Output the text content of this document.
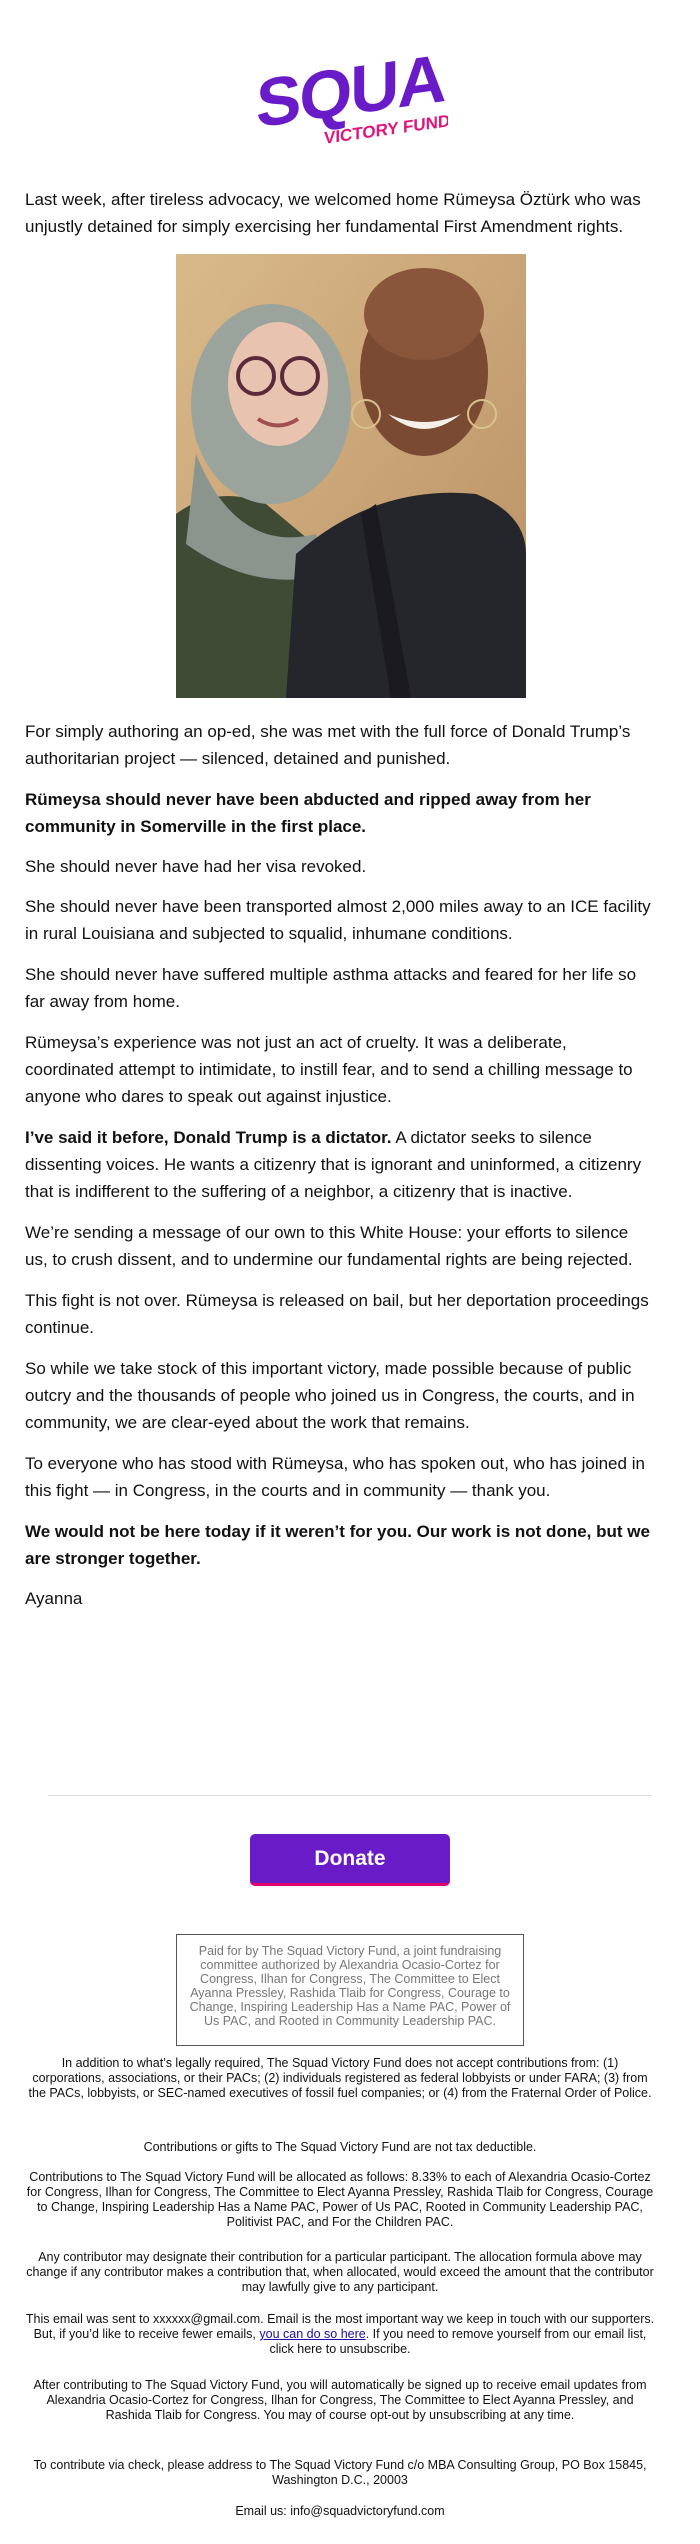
SQUAD
VICTORY FUND

Last week, after tireless advocacy, we welcomed home Rümeysa Öztürk who was unjustly detained for simply exercising her fundamental First Amendment rights.

For simply authoring an op-ed, she was met with the full force of Donald Trump’s authoritarian project — silenced, detained and punished.

Rümeysa should never have been abducted and ripped away from her community in Somerville in the first place.

She should never have had her visa revoked.

She should never have been transported almost 2,000 miles away to an ICE facility in rural Louisiana and subjected to squalid, inhumane conditions.

She should never have suffered multiple asthma attacks and feared for her life so far away from home.

Rümeysa’s experience was not just an act of cruelty. It was a deliberate, coordinated attempt to intimidate, to instill fear, and to send a chilling message to anyone who dares to speak out against injustice.

I’ve said it before, Donald Trump is a dictator. A dictator seeks to silence dissenting voices. He wants a citizenry that is ignorant and uninformed, a citizenry that is indifferent to the suffering of a neighbor, a citizenry that is inactive.

We’re sending a message of our own to this White House: your efforts to silence us, to crush dissent, and to undermine our fundamental rights are being rejected.

This fight is not over. Rümeysa is released on bail, but her deportation proceedings continue.

So while we take stock of this important victory, made possible because of public outcry and the thousands of people who joined us in Congress, the courts, and in community, we are clear-eyed about the work that remains.

To everyone who has stood with Rümeysa, who has spoken out, who has joined in this fight — in Congress, in the courts and in community — thank you.

We would not be here today if it weren’t for you. Our work is not done, but we are stronger together.

Ayanna

Donate
Paid for by The Squad Victory Fund, a joint fundraising committee authorized by Alexandria Ocasio-Cortez for Congress, Ilhan for Congress, The Committee to Elect Ayanna Pressley, Rashida Tlaib for Congress, Courage to Change, Inspiring Leadership Has a Name PAC, Power of Us PAC, and Rooted in Community Leadership PAC.

In addition to what’s legally required, The Squad Victory Fund does not accept contributions from: (1) corporations, associations, or their PACs; (2) individuals registered as federal lobbyists or under FARA; (3) from the PACs, lobbyists, or SEC-named executives of fossil fuel companies; or (4) from the Fraternal Order of Police.

Contributions or gifts to The Squad Victory Fund are not tax deductible.

Contributions to The Squad Victory Fund will be allocated as follows: 8.33% to each of Alexandria Ocasio-Cortez for Congress, Ilhan for Congress, The Committee to Elect Ayanna Pressley, Rashida Tlaib for Congress, Courage to Change, Inspiring Leadership Has a Name PAC, Power of Us PAC, Rooted in Community Leadership PAC, Politivist PAC, and For the Children PAC.

Any contributor may designate their contribution for a particular participant. The allocation formula above may change if any contributor makes a contribution that, when allocated, would exceed the amount that the contributor may lawfully give to any participant.

This email was sent to xxxxxx@gmail.com. Email is the most important way we keep in touch with our supporters. But, if you’d like to receive fewer emails, you can do so here. If you need to remove yourself from our email list, click here to unsubscribe.

After contributing to The Squad Victory Fund, you will automatically be signed up to receive email updates from Alexandria Ocasio-Cortez for Congress, Ilhan for Congress, The Committee to Elect Ayanna Pressley, and Rashida Tlaib for Congress. You may of course opt-out by unsubscribing at any time.

To contribute via check, please address to The Squad Victory Fund c/o MBA Consulting Group, PO Box 15845, Washington D.C., 20003

Email us: info@squadvictoryfund.com
